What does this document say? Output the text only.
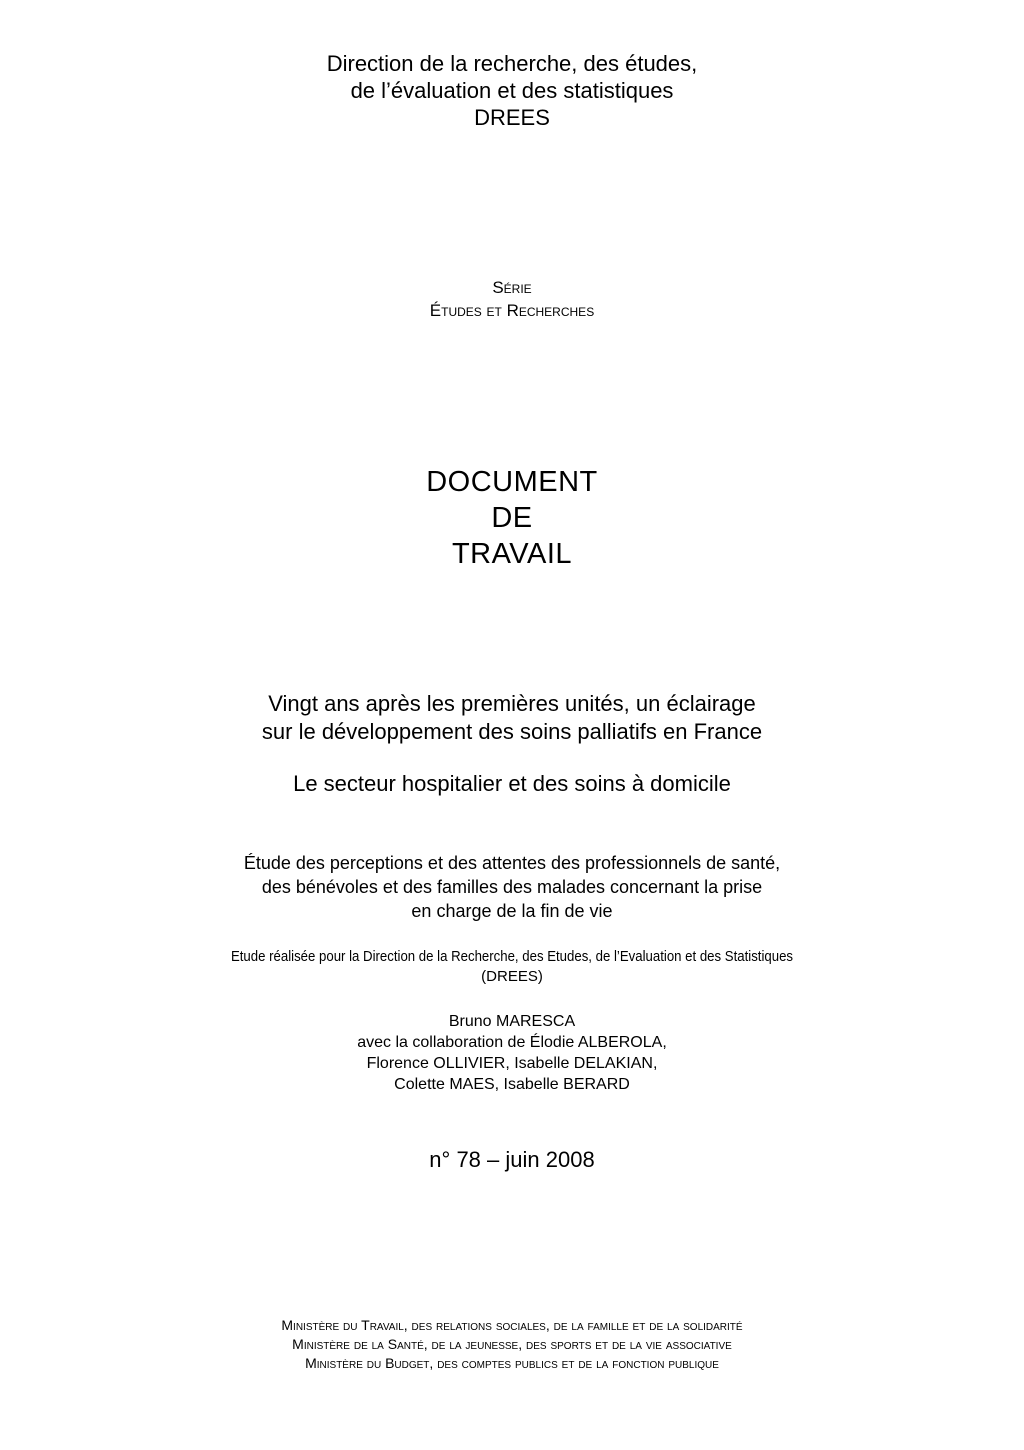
Direction de la recherche, des études,
de l’évaluation et des statistiques
DREES
Série
Études et Recherches
DOCUMENT
DE
TRAVAIL
Vingt ans après les premières unités, un éclairage
sur le développement des soins palliatifs en France
Le secteur hospitalier et des soins à domicile
Étude des perceptions et des attentes des professionnels de santé,
des bénévoles et des familles des malades concernant la prise
en charge de la fin de vie
Etude réalisée pour la Direction de la Recherche, des Etudes, de l’Evaluation et des Statistiques
(DREES)
Bruno MARESCA
avec la collaboration de Élodie ALBEROLA,
Florence OLLIVIER, Isabelle DELAKIAN,
Colette MAES, Isabelle BERARD
n° 78 – juin 2008
Ministère du Travail, des relations sociales, de la famille et de la solidarité
Ministère de la Santé, de la jeunesse, des sports et de la vie associative
Ministère du Budget, des comptes publics et de la fonction publique
